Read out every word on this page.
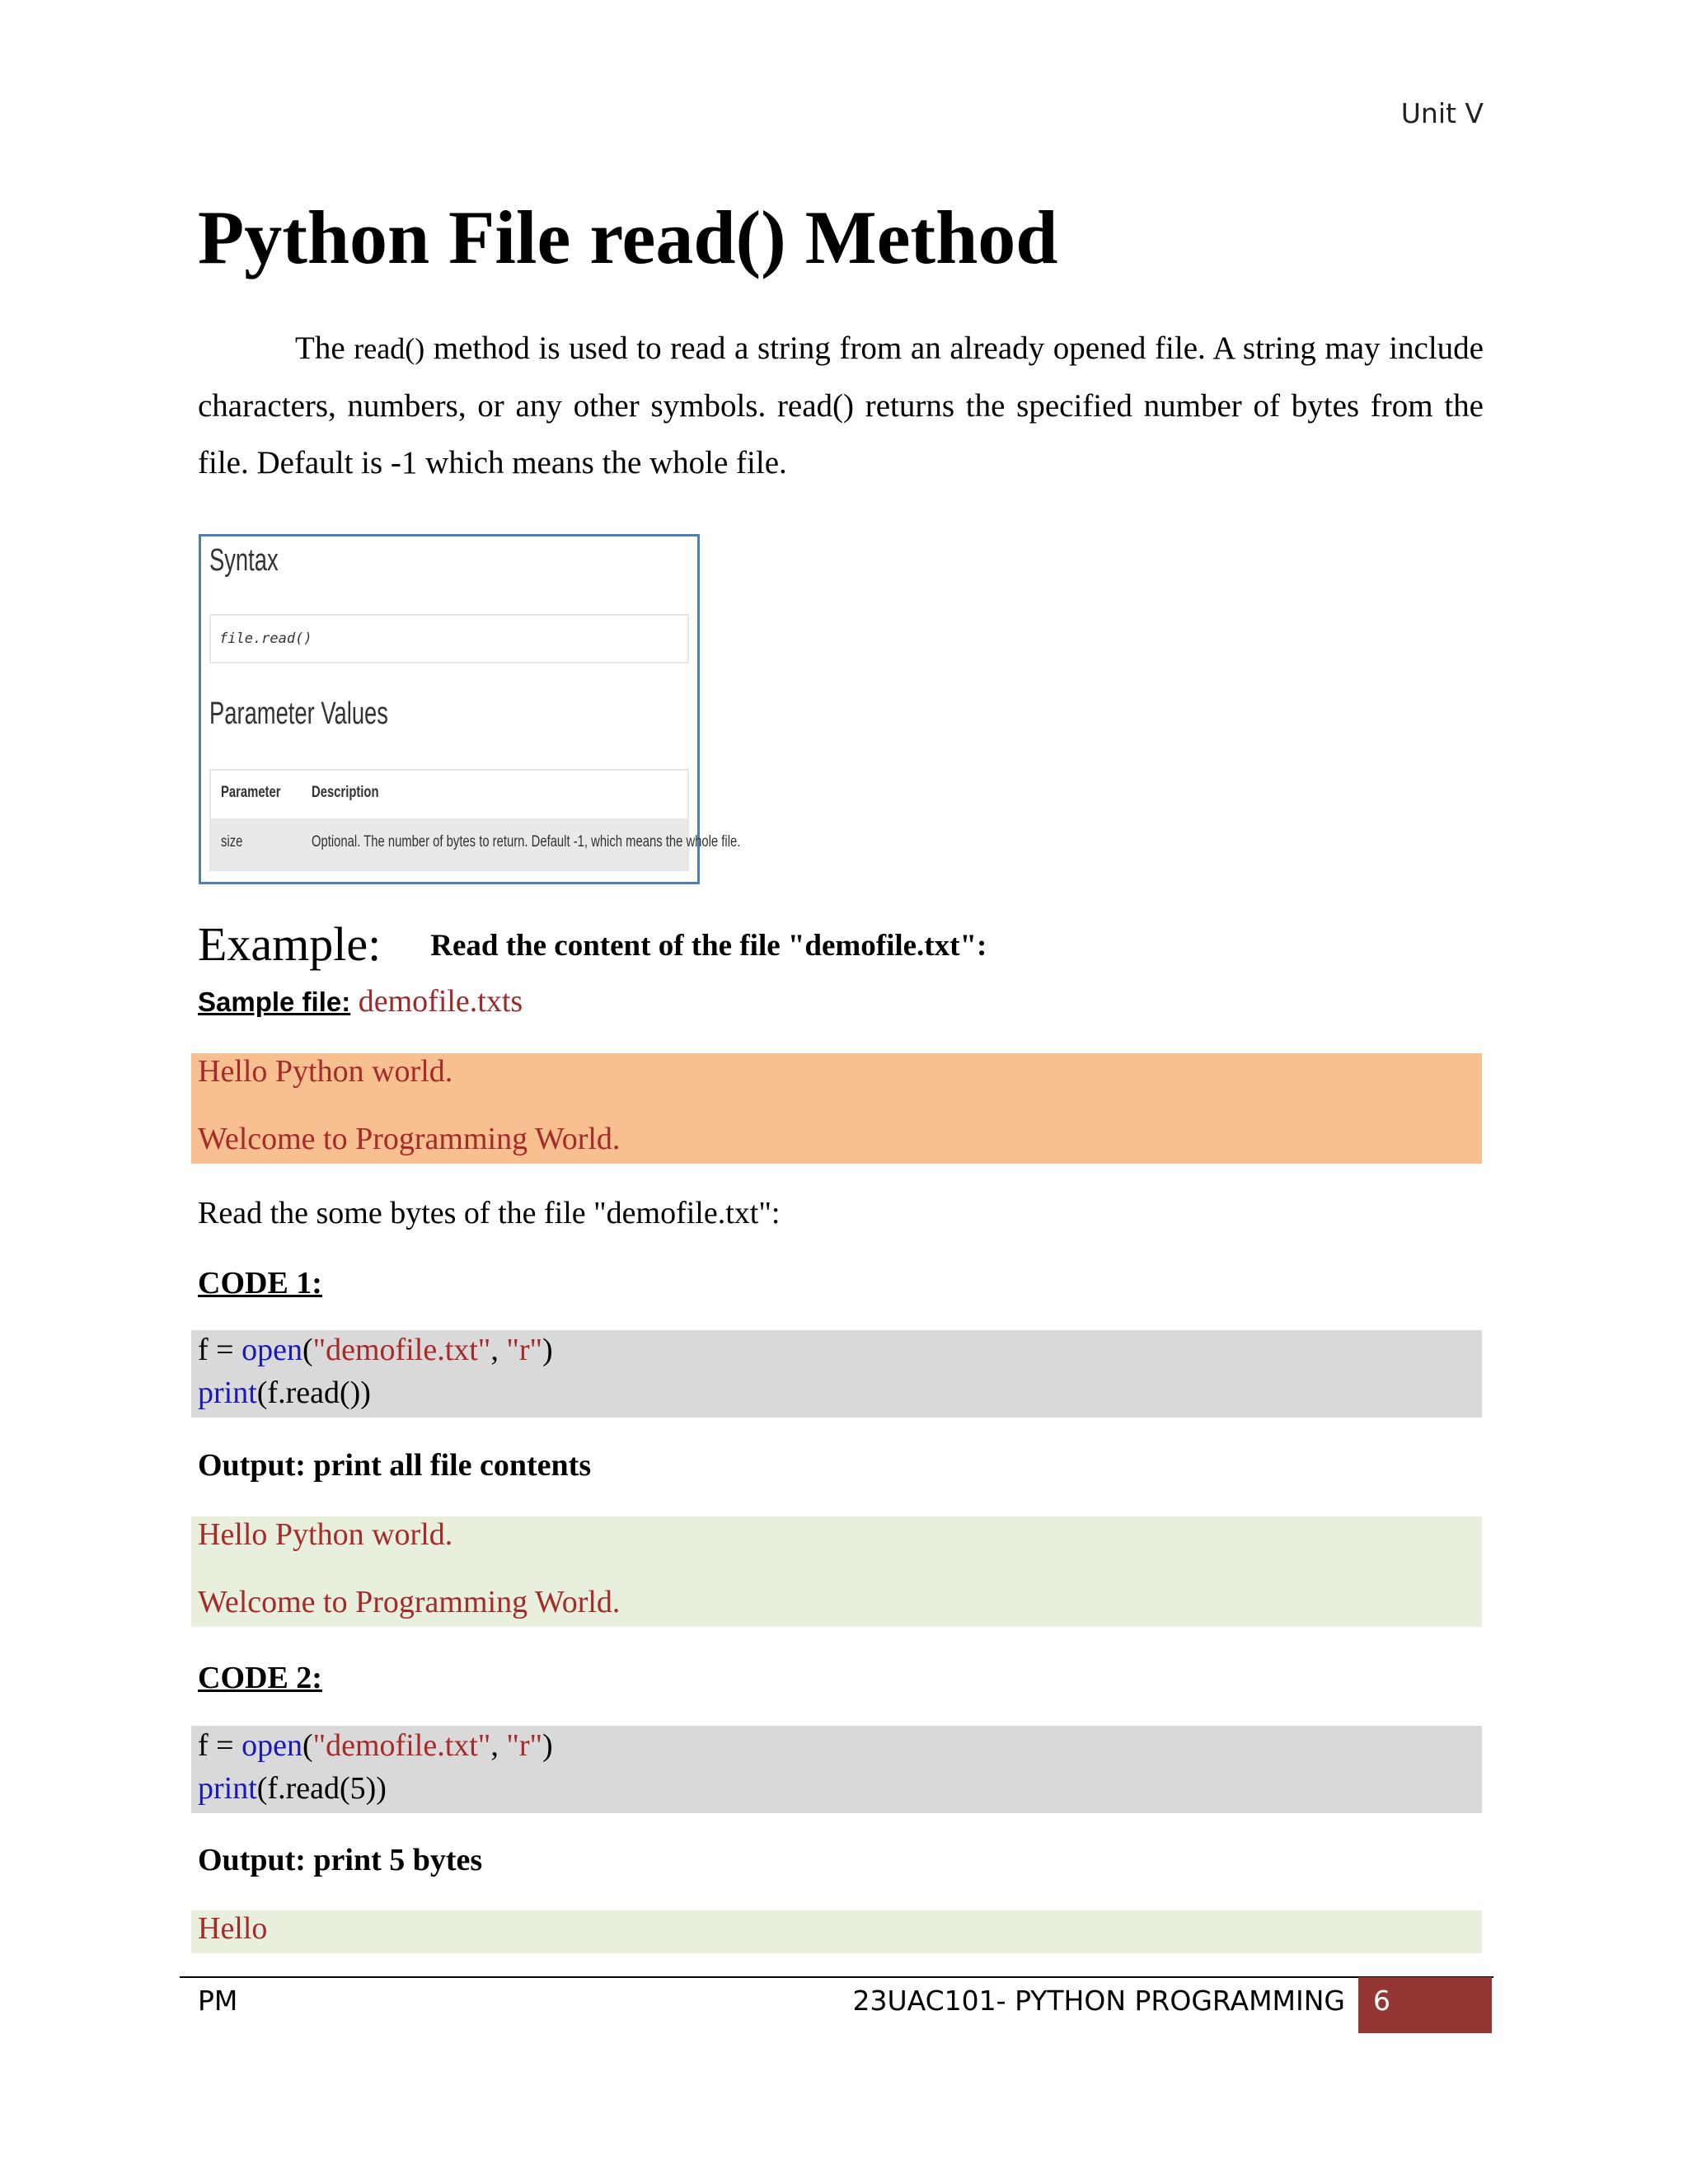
Unit V
Python File read() Method

The read() method is used to read a string from an already opened file. A string may include characters, numbers, or any other symbols. read() returns the specified number of bytes from the file. Default is -1 which means the whole file.

Syntax
file.read()
Parameter Values
Parameter Description
size	Optional. The number of bytes to return. Default -1, which means the whole file.
Example: Read the content of the file "demofile.txt":
Sample file: demofile.txts
Hello Python world.
Welcome to Programming World.
Read the some bytes of the file "demofile.txt":
CODE 1:
f = open("demofile.txt", "r")
print(f.read())
Output: print all file contents
Hello Python world.
Welcome to Programming World.
CODE 2:
f = open("demofile.txt", "r")
print(f.read(5))
Output: print 5 bytes
Hello
PM	23UAC101- PYTHON PROGRAMMING	6
